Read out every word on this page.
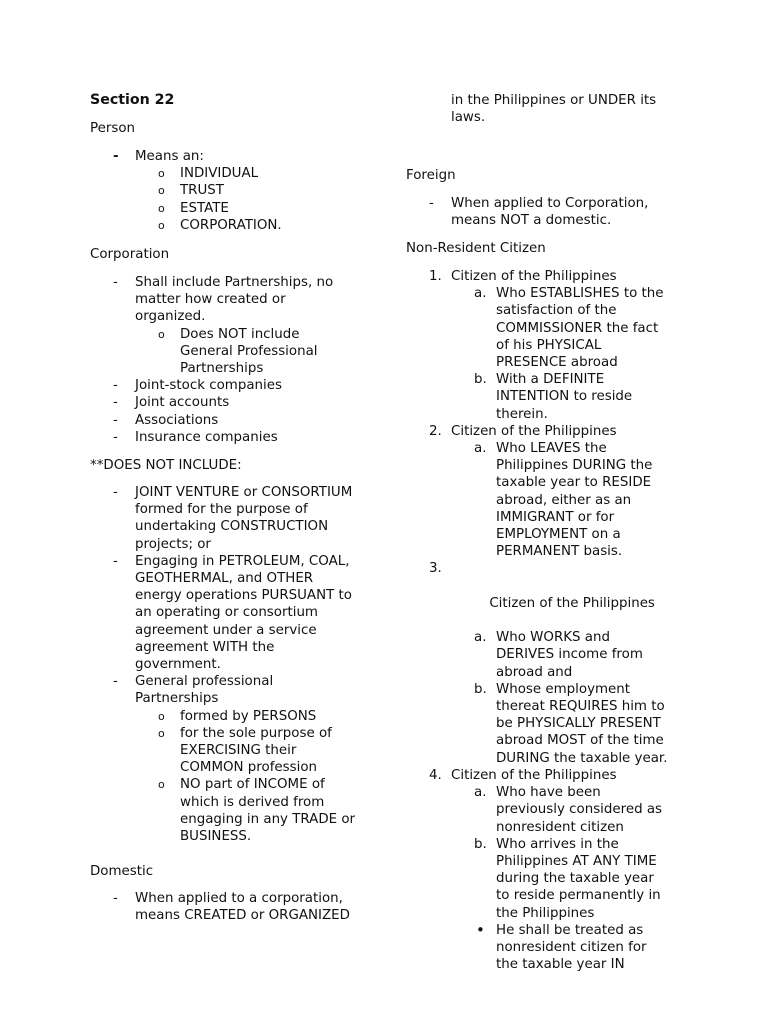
Section 22
Person
- Means an:
o INDIVIDUAL
o TRUST
o ESTATE
o CORPORATION.
Corporation
- Shall include Partnerships, no
matter how created or
organized.
o Does NOT include
General Professional
Partnerships
- Joint-stock companies
- Joint accounts
- Associations
- Insurance companies
**DOES NOT INCLUDE:
- JOINT VENTURE or CONSORTIUM
formed for the purpose of
undertaking CONSTRUCTION
projects; or
- Engaging in PETROLEUM, COAL,
GEOTHERMAL, and OTHER
energy operations PURSUANT to
an operating or consortium
agreement under a service
agreement WITH the
government.
- General professional
Partnerships
o formed by PERSONS
o for the sole purpose of
EXERCISING their
COMMON profession
o NO part of INCOME of
which is derived from
engaging in any TRADE or
BUSINESS.
Domestic
- When applied to a corporation,
means CREATED or ORGANIZED
in the Philippines or UNDER its
laws.
Foreign
- When applied to Corporation,
means NOT a domestic.
Non-Resident Citizen
1. Citizen of the Philippines
a. Who ESTABLISHES to the
satisfaction of the
COMMISSIONER the fact
of his PHYSICAL
PRESENCE abroad
b. With a DEFINITE
INTENTION to reside
therein.
2. Citizen of the Philippines
a. Who LEAVES the
Philippines DURING the
taxable year to RESIDE
abroad, either as an
IMMIGRANT or for
EMPLOYMENT on a
PERMANENT basis.

3.

Citizen of the Philippines

a. Who WORKS and
DERIVES income from
abroad and
b. Whose employment
thereat REQUIRES him to
be PHYSICALLY PRESENT
abroad MOST of the time
DURING the taxable year.
4. Citizen of the Philippines
a. Who have been
previously considered as
nonresident citizen
b. Who arrives in the
Philippines AT ANY TIME
during the taxable year
to reside permanently in
the Philippines
• He shall be treated as
nonresident citizen for
the taxable year IN
